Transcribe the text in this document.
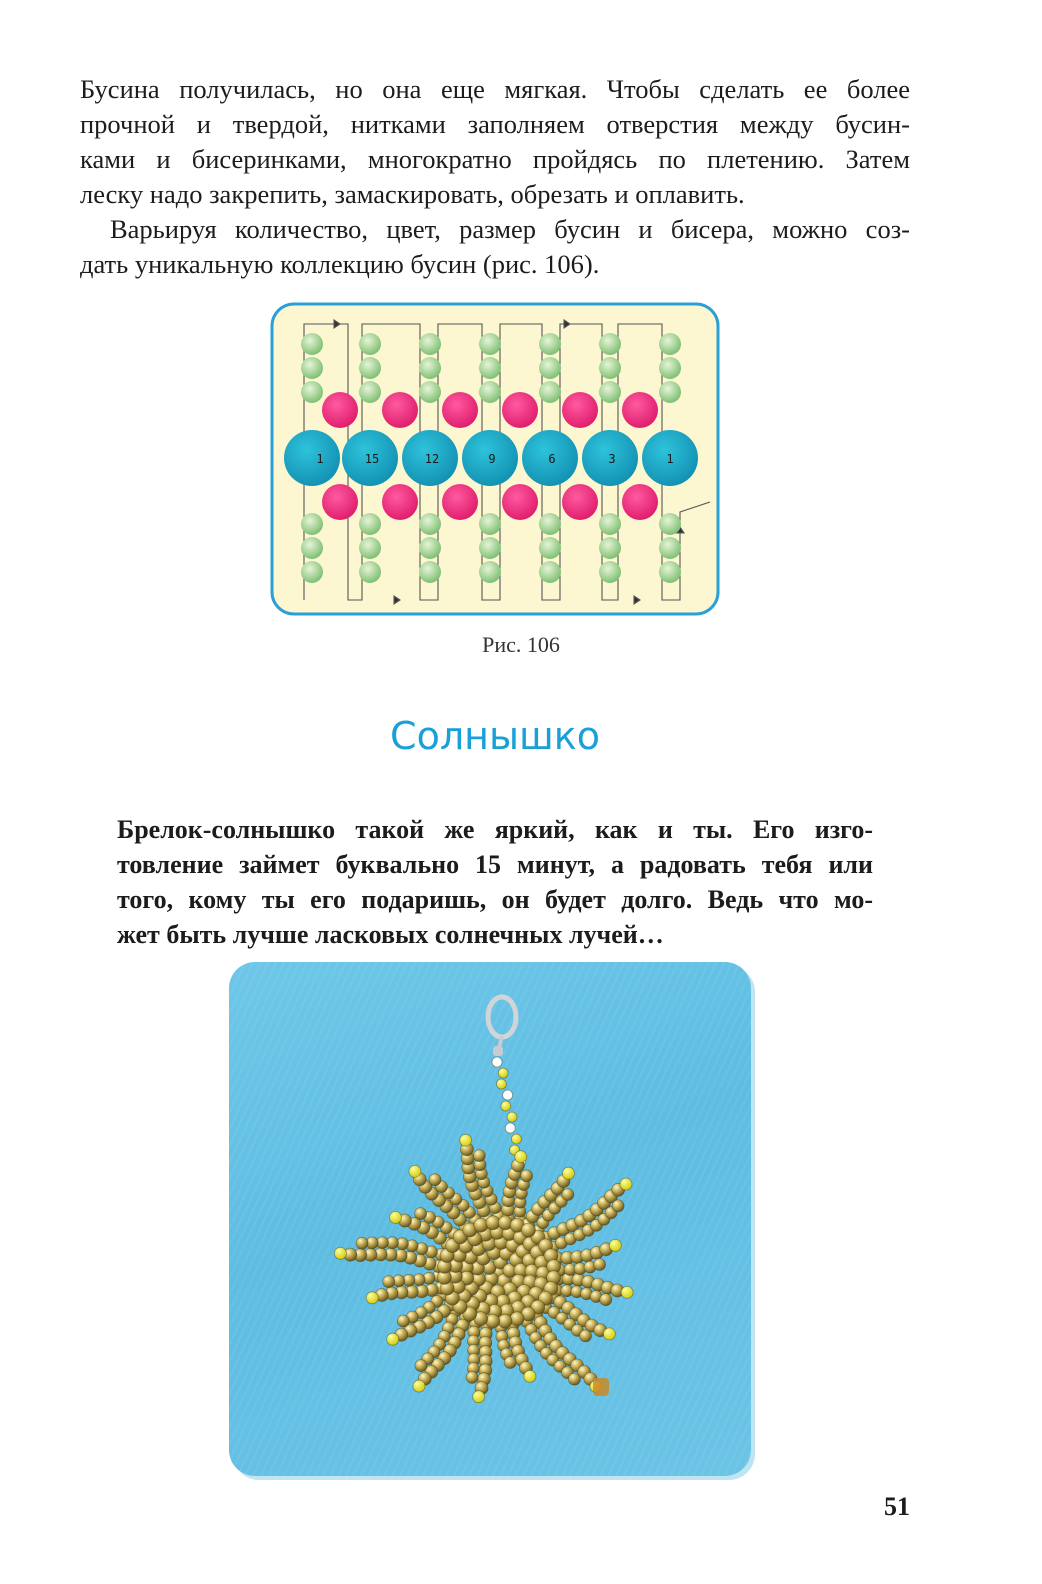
Бусина получилась, но она еще мягкая. Чтобы сделать ее более
прочной и твердой, нитками заполняем отверстия между бусин-
ками и бисеринками, многократно пройдясь по плетению. Затем
леску надо закрепить, замаскировать, обрезать и оплавить.

Варьируя количество, цвет, размер бусин и бисера, можно соз-
дать уникальную коллекцию бусин (рис. 106).

1	15	12	9	6	3	1
Рис. 106
Солнышко

Брелок-солнышко такой же яркий, как и ты. Его изго-
товление займет буквально 15 минут, а радовать тебя или
того, кому ты его подаришь, он будет долго. Ведь что мо-
жет быть лучше ласковых солнечных лучей…

51
